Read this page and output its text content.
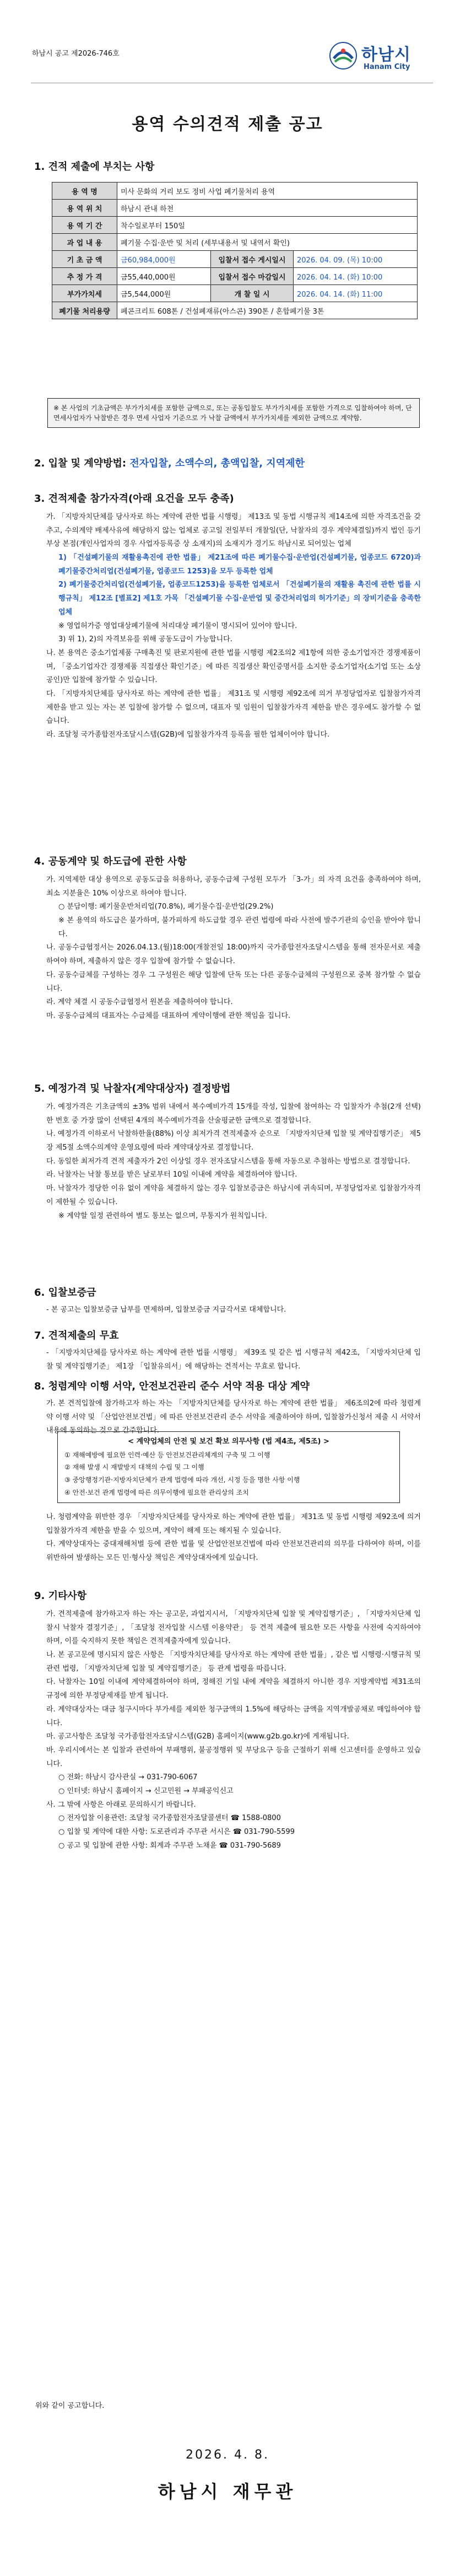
하남시 공고 제2026-746호	하남시
Hanam City
용역 수의견적 제출 공고
1. 견적 제출에 부치는 사항
용 역 명	미사 문화의 거리 보도 정비 사업 폐기물처리 용역		
용 역 위 치	하남시 관내 하천		
용 역 기 간	착수일로부터 150일		
과 업 내 용	폐기물 수집·운반 및 처리 (세부내용서 및 내역서 확인)		
기 초 금 액	금60,984,000원	입찰서 접수 게시일시	2026. 04. 09. (목) 10:00
추 정 가 격	금55,440,000원	입찰서 접수 마감일시	2026. 04. 14. (화) 10:00
부가가치세	금5,544,000원	개 찰 일 시	2026. 04. 14. (화) 11:00
폐기물 처리용량	폐콘크리트 608톤 / 건설폐재류(아스콘) 390톤 / 혼합폐기물 3톤		
※ 본 사업의 기초금액은 부가가치세를 포함한 금액으로, 또는 공동입찰도 부가가치세를 포함한 가격으로 입찰하여야 하며, 단 면세사업자가 낙찰받은 경우 면세 사업자 기준으로 가 낙찰 금액에서 부가가치세를 제외한 금액으로 계약함.
2. 입찰 및 계약방법: 전자입찰, 소액수의, 총액입찰, 지역제한
3. 견적제출 참가자격(아래 요건을 모두 충족)

가. 「지방자치단체를 당사자로 하는 계약에 관한 법률 시행령」 제13조 및 동법 시행규칙 제14조에 의한 자격조건을 갖추고, 수의계약 배제사유에 해당하지 않는 업체로 공고일 전일부터 개찰일(단, 낙찰자의 경우 계약체결일)까지 법인 등기부상 본점(개인사업자의 경우 사업자등록증 상 소재지)의 소재지가 경기도 하남시로 되어있는 업체

1) 「건설폐기물의 재활용촉진에 관한 법률」 제21조에 따른 폐기물수집·운반업(건설폐기물, 업종코드 6720)과 폐기물중간처리업(건설폐기물, 업종코드 1253)을 모두 등록한 업체

2) 폐기물중간처리업(건설폐기물, 업종코드1253)을 등록한 업체로서 「건설폐기물의 재활용 촉진에 관한 법률 시행규칙」 제12조 [별표2] 제1호 가목 「건설폐기물 수집·운반업 및 중간처리업의 허가기준」의 장비기준을 충족한 업체

※ 영업허가증 영업대상폐기물에 처리대상 폐기물이 명시되어 있어야 합니다.

3) 위 1), 2)의 자격보유를 위해 공동도급이 가능합니다.

나. 본 용역은 중소기업제품 구매촉진 및 판로지원에 관한 법률 시행령 제2조의2 제1항에 의한 중소기업자간 경쟁제품이며, 「중소기업자간 경쟁제품 직접생산 확인기준」에 따른 직접생산 확인증명서를 소지한 중소기업자(소기업 또는 소상공인)만 입찰에 참가할 수 있습니다.

다. 「지방자치단체를 당사자로 하는 계약에 관한 법률」 제31조 및 시행령 제92조에 의거 부정당업자로 입찰참가자격 제한을 받고 있는 자는 본 입찰에 참가할 수 없으며, 대표자 및 임원이 입찰참가자격 제한을 받은 경우에도 참가할 수 없습니다.

라. 조달청 국가종합전자조달시스템(G2B)에 입찰참가자격 등록을 필한 업체이어야 합니다.

4. 공동계약 및 하도급에 관한 사항

가. 지역제한 대상 용역으로 공동도급을 허용하나, 공동수급체 구성원 모두가 「3-가」의 자격 요건을 충족하여야 하며, 최소 지분율은 10% 이상으로 하여야 합니다.

○ 분담이행: 폐기물운반처리업(70.8%), 폐기물수집·운반업(29.2%)

※ 본 용역의 하도급은 불가하며, 불가피하게 하도급할 경우 관련 법령에 따라 사전에 발주기관의 승인을 받아야 합니다.

나. 공동수급협정서는 2026.04.13.(월)18:00(개찰전일 18:00)까지 국가종합전자조달시스템을 통해 전자문서로 제출하여야 하며, 제출하지 않은 경우 입찰에 참가할 수 없습니다.

다. 공동수급체를 구성하는 경우 그 구성원은 해당 입찰에 단독 또는 다른 공동수급체의 구성원으로 중복 참가할 수 없습니다.

라. 계약 체결 시 공동수급협정서 원본을 제출하여야 합니다.

마. 공동수급체의 대표자는 수급체를 대표하여 계약이행에 관한 책임을 집니다.

5. 예정가격 및 낙찰자(계약대상자) 결정방법

가. 예정가격은 기초금액의 ±3% 범위 내에서 복수예비가격 15개를 작성, 입찰에 참여하는 각 입찰자가 추첨(2개 선택)한 번호 중 가장 많이 선택된 4개의 복수예비가격을 산술평균한 금액으로 결정합니다.

나. 예정가격 이하로서 낙찰하한율(88%) 이상 최저가격 견적제출자 순으로 「지방자치단체 입찰 및 계약집행기준」 제5장 제5절 소액수의계약 운영요령에 따라 계약대상자로 결정합니다.

다. 동일한 최저가격 견적 제출자가 2인 이상일 경우 전자조달시스템을 통해 자동으로 추첨하는 방법으로 결정합니다.

라. 낙찰자는 낙찰 통보를 받은 날로부터 10일 이내에 계약을 체결하여야 합니다.

마. 낙찰자가 정당한 이유 없이 계약을 체결하지 않는 경우 입찰보증금은 하남시에 귀속되며, 부정당업자로 입찰참가자격이 제한될 수 있습니다.

※ 계약할 일정 관련하여 별도 통보는 없으며, 무통지가 원칙입니다.

6. 입찰보증금

- 본 공고는 입찰보증금 납부를 면제하며, 입찰보증금 지급각서로 대체합니다.

7. 견적제출의 무효

- 「지방자치단체를 당사자로 하는 계약에 관한 법률 시행령」 제39조 및 같은 법 시행규칙 제42조, 「지방자치단체 입찰 및 계약집행기준」 제1장 「입찰유의서」에 해당하는 견적서는 무효로 합니다.

8. 청렴계약 이행 서약, 안전보건관리 준수 서약 적용 대상 계약

가. 본 견적입찰에 참가하고자 하는 자는 「지방자치단체를 당사자로 하는 계약에 관한 법률」 제6조의2에 따라 청렴계약 이행 서약 및 「산업안전보건법」에 따른 안전보건관리 준수 서약을 제출하여야 하며, 입찰참가신청서 제출 시 서약서 내용에 동의하는 것으로 간주합니다.

< 계약업체의 안전 및 보건 확보 의무사항 (법 제4조, 제5조) >
① 재해예방에 필요한 인력·예산 등 안전보건관리체계의 구축 및 그 이행
② 재해 발생 시 재발방지 대책의 수립 및 그 이행
③ 중앙행정기관·지방자치단체가 관계 법령에 따라 개선, 시정 등을 명한 사항 이행
④ 안전·보건 관계 법령에 따른 의무이행에 필요한 관리상의 조치

나. 청렴계약을 위반한 경우 「지방자치단체를 당사자로 하는 계약에 관한 법률」 제31조 및 동법 시행령 제92조에 의거 입찰참가자격 제한을 받을 수 있으며, 계약이 해제 또는 해지될 수 있습니다.

다. 계약상대자는 중대재해처벌 등에 관한 법률 및 산업안전보건법에 따라 안전보건관리의 의무를 다하여야 하며, 이를 위반하여 발생하는 모든 민·형사상 책임은 계약상대자에게 있습니다.

9. 기타사항

가. 견적제출에 참가하고자 하는 자는 공고문, 과업지시서, 「지방자치단체 입찰 및 계약집행기준」, 「지방자치단체 입찰시 낙찰자 결정기준」, 「조달청 전자입찰 시스템 이용약관」 등 견적 제출에 필요한 모든 사항을 사전에 숙지하여야 하며, 이를 숙지하지 못한 책임은 견적제출자에게 있습니다.

나. 본 공고문에 명시되지 않은 사항은 「지방자치단체를 당사자로 하는 계약에 관한 법률」, 같은 법 시행령·시행규칙 및 관련 법령, 「지방자치단체 입찰 및 계약집행기준」 등 관계 법령을 따릅니다.

다. 낙찰자는 10일 이내에 계약체결하여야 하며, 정해진 기일 내에 계약을 체결하지 아니한 경우 지방계약법 제31조의 규정에 의한 부정당제재를 받게 됩니다.

라. 계약대상자는 대금 청구시마다 부가세를 제외한 청구금액의 1.5%에 해당하는 금액을 지역개발공채로 매입하여야 합니다.

마. 공고사항은 조달청 국가종합전자조달시스템(G2B) 홈페이지(www.g2b.go.kr)에 게재됩니다.

바. 우리시에서는 본 입찰과 관련하여 부패행위, 불공정행위 및 부당요구 등을 근절하기 위해 신고센터를 운영하고 있습니다.

○ 전화: 하남시 감사관실 → 031-790-6067

○ 인터넷: 하남시 홈페이지 → 신고민원 → 부패공익신고

사. 그 밖에 사항은 아래로 문의하시기 바랍니다.

○ 전자입찰 이용관련: 조달청 국가종합전자조달콜센터 ☎ 1588-0800

○ 입찰 및 계약에 대한 사항: 도로관리과 주무관 서시은 ☎ 031-790-5599

○ 공고 및 입찰에 관한 사항: 회계과 주무관 노채윤 ☎ 031-790-5689

위와 같이 공고합니다.
2026. 4. 8.
하남시 재무관
